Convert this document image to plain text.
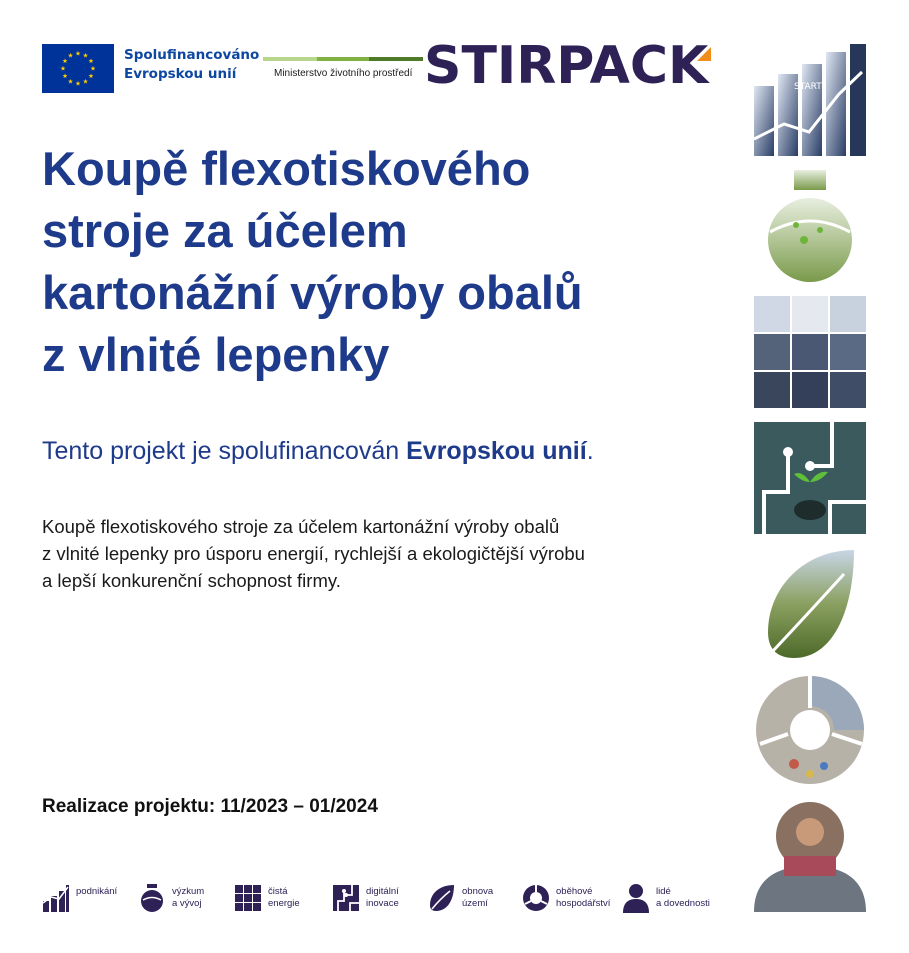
Spolufinancováno
Evropskou unií	Ministerstvo životního prostředí STIRPACK
Koupě flexotiskového
stroje za účelem
kartonážní výroby obalů
z vlnité lepenky
Tento projekt je spolufinancován Evropskou unií.
Koupě flexotiskového stroje za účelem kartonážní výroby obalů
z vlnité lepenky pro úsporu energií, rychlejší a ekologičtější výrobu
a lepší konkurenční schopnost firmy.
Realizace projektu: 11/2023 – 01/2024
podnikání	výzkum
a vývoj
čistá
energie
digitální
inovace
obnova
území
oběhové
hospodářství
lidé
a dovednosti
START
